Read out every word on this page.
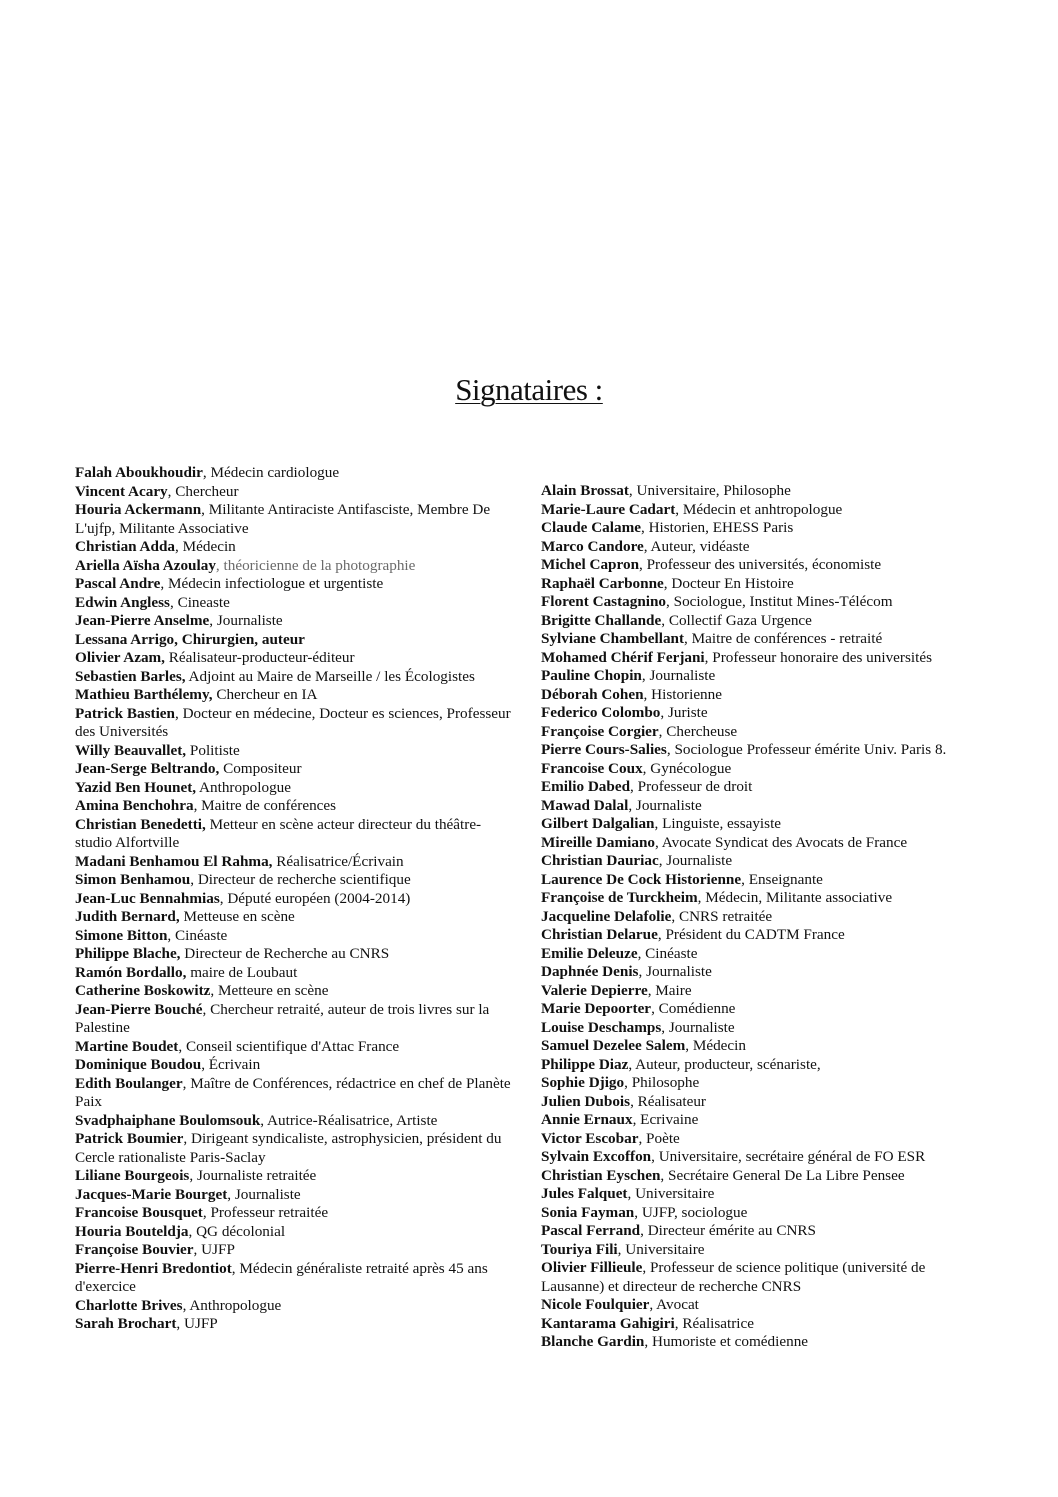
Signataires :

Falah Aboukhoudir, Médecin cardiologue

Vincent Acary, Chercheur

Houria Ackermann, Militante Antiraciste Antifasciste, Membre De L'ujfp, Militante Associative

Christian Adda, Médecin

Ariella Aïsha Azoulay, théoricienne de la photographie

Pascal Andre, Médecin infectiologue et urgentiste

Edwin Angless, Cineaste

Jean-Pierre Anselme, Journaliste

Lessana Arrigo, Chirurgien, auteur

Olivier Azam, Réalisateur-producteur-éditeur

Sebastien Barles, Adjoint au Maire de Marseille / les Écologistes

Mathieu Barthélemy, Chercheur en IA

Patrick Bastien, Docteur en médecine, Docteur es sciences, Professeur des Universités

Willy Beauvallet, Politiste

Jean-Serge Beltrando, Compositeur

Yazid Ben Hounet, Anthropologue

Amina Benchohra, Maitre de conférences

Christian Benedetti, Metteur en scène acteur directeur du théâtre-studio Alfortville

Madani Benhamou El Rahma, Réalisatrice/Écrivain

Simon Benhamou, Directeur de recherche scientifique

Jean-Luc Bennahmias, Député européen (2004-2014)

Judith Bernard, Metteuse en scène

Simone Bitton, Cinéaste

Philippe Blache, Directeur de Recherche au CNRS

Ramón Bordallo, maire de Loubaut

Catherine Boskowitz, Metteure en scène

Jean-Pierre Bouché, Chercheur retraité, auteur de trois livres sur la Palestine

Martine Boudet, Conseil scientifique d'Attac France

Dominique Boudou, Écrivain

Edith Boulanger, Maître de Conférences, rédactrice en chef de Planète Paix

Svadphaiphane Boulomsouk, Autrice-Réalisatrice, Artiste

Patrick Boumier, Dirigeant syndicaliste, astrophysicien, président du Cercle rationaliste Paris-Saclay

Liliane Bourgeois, Journaliste retraitée

Jacques-Marie Bourget, Journaliste

Francoise Bousquet, Professeur retraitée

Houria Bouteldja, QG décolonial

Françoise Bouvier, UJFP

Pierre-Henri Bredontiot, Médecin généraliste retraité après 45 ans d'exercice

Charlotte Brives, Anthropologue

Sarah Brochart, UJFP

Alain Brossat, Universitaire, Philosophe

Marie-Laure Cadart, Médecin et anhtropologue

Claude Calame, Historien, EHESS Paris

Marco Candore, Auteur, vidéaste

Michel Capron, Professeur des universités, économiste

Raphaël Carbonne, Docteur En Histoire

Florent Castagnino, Sociologue, Institut Mines-Télécom

Brigitte Challande, Collectif Gaza Urgence

Sylviane Chambellant, Maitre de conférences - retraité

Mohamed Chérif Ferjani, Professeur honoraire des universités

Pauline Chopin, Journaliste

Déborah Cohen, Historienne

Federico Colombo, Juriste

Françoise Corgier, Chercheuse

Pierre Cours-Salies, Sociologue Professeur émérite Univ. Paris 8.

Francoise Coux, Gynécologue

Emilio Dabed, Professeur de droit

Mawad Dalal, Journaliste

Gilbert Dalgalian, Linguiste, essayiste

Mireille Damiano, Avocate Syndicat des Avocats de France

Christian Dauriac, Journaliste

Laurence De Cock Historienne, Enseignante

Françoise de Turckheim, Médecin, Militante associative

Jacqueline Delafolie, CNRS retraitée

Christian Delarue, Président du CADTM France

Emilie Deleuze, Cinéaste

Daphnée Denis, Journaliste

Valerie Depierre, Maire

Marie Depoorter, Comédienne

Louise Deschamps, Journaliste

Samuel Dezelee Salem, Médecin

Philippe Diaz, Auteur, producteur, scénariste,

Sophie Djigo, Philosophe

Julien Dubois, Réalisateur

Annie Ernaux, Ecrivaine

Victor Escobar, Poète

Sylvain Excoffon, Universitaire, secrétaire général de FO ESR

Christian Eyschen, Secrétaire General De La Libre Pensee

Jules Falquet, Universitaire

Sonia Fayman, UJFP, sociologue

Pascal Ferrand, Directeur émérite au CNRS

Touriya Fili, Universitaire

Olivier Fillieule, Professeur de science politique (université de Lausanne) et directeur de recherche CNRS

Nicole Foulquier, Avocat

Kantarama Gahigiri, Réalisatrice

Blanche Gardin, Humoriste et comédienne
